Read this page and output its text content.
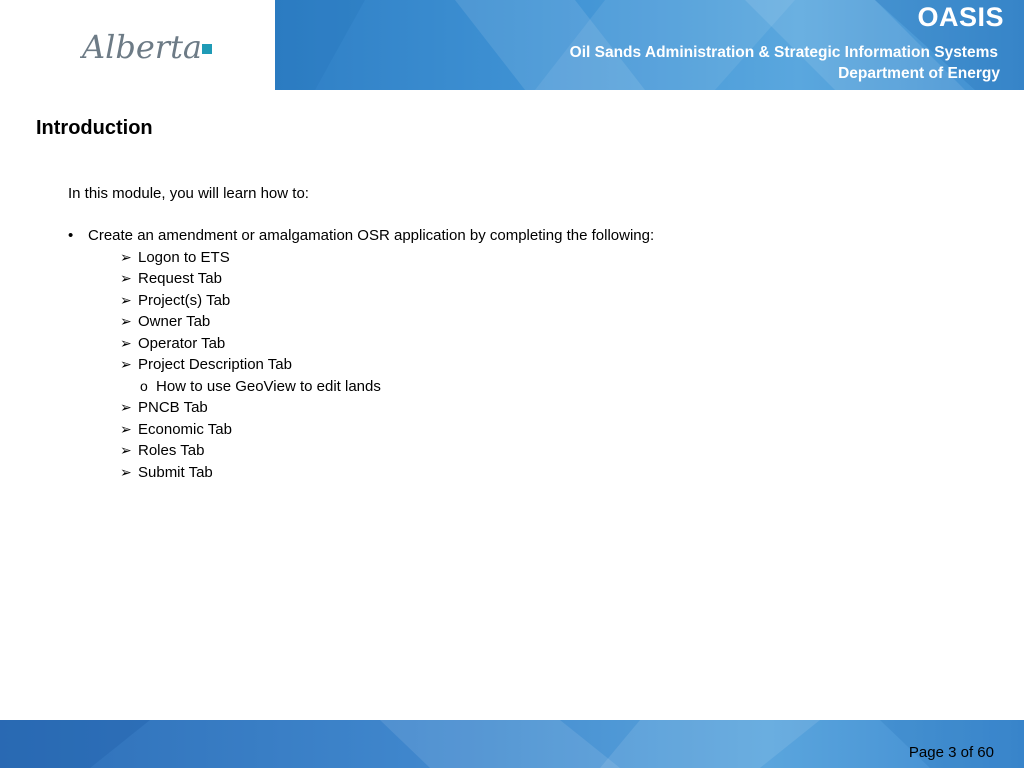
Alberta
OASIS
Oil Sands Administration & Strategic Information Systems
Department of Energy
Introduction

In this module, you will learn how to:

• Create an amendment or amalgamation OSR application by completing the following:
➢ Logon to ETS
➢ Request Tab
➢ Project(s) Tab
➢ Owner Tab
➢ Operator Tab
➢ Project Description Tab
o How to use GeoView to edit lands
➢ PNCB Tab
➢ Economic Tab
➢ Roles Tab
➢ Submit Tab
Page 3 of 60
